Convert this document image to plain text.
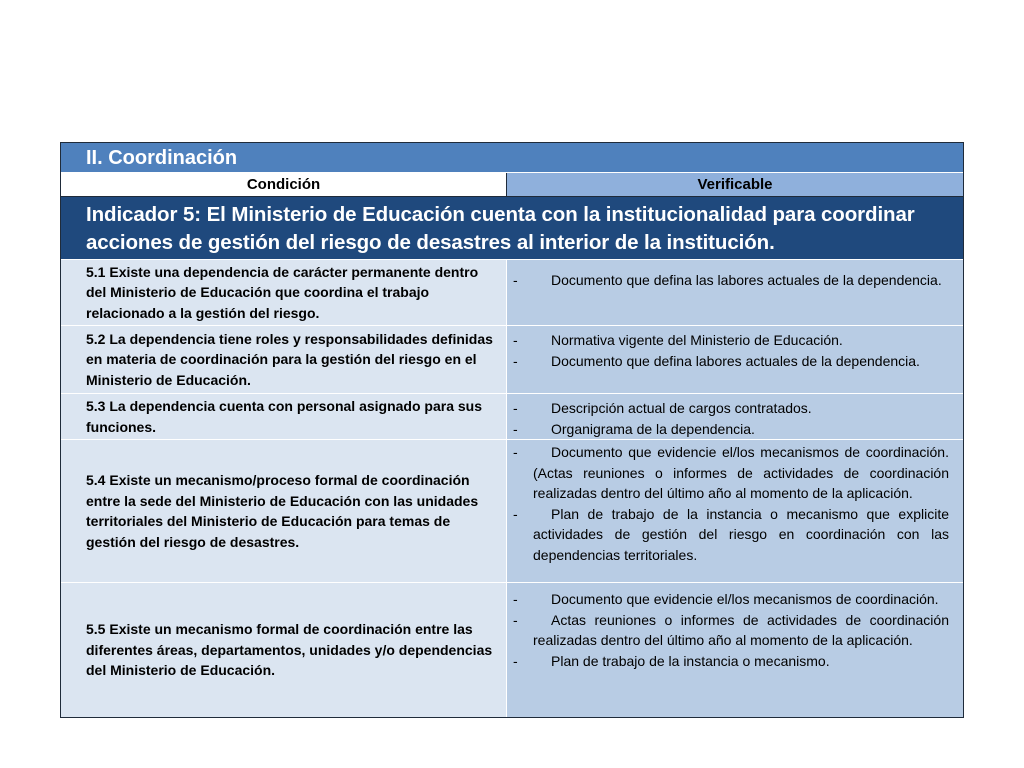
II. Coordinación
Condición	Verificable
Indicador 5: El Ministerio de Educación cuenta con la institucionalidad para coordinar acciones de gestión del riesgo de desastres al interior de la institución.
5.1 Existe una dependencia de carácter permanente dentro del Ministerio de Educación que coordina el trabajo relacionado a la gestión del riesgo.
-	Documento que defina las labores actuales de la dependencia.
5.2 La dependencia tiene roles y responsabilidades definidas en materia de coordinación para la gestión del riesgo en el Ministerio de Educación.
-	Normativa vigente del Ministerio de Educación.
-	Documento que defina labores actuales de la dependencia.
5.3 La dependencia cuenta con personal asignado para sus funciones.
-	Descripción actual de cargos contratados.
-	Organigrama de la dependencia.
5.4 Existe un mecanismo/proceso formal de coordinación entre la sede del Ministerio de Educación con las unidades territoriales del Ministerio de Educación para temas de gestión del riesgo de desastres.
-	Documento que evidencie el/los mecanismos de coordinación. (Actas reuniones o informes de actividades de coordinación realizadas dentro del último año al momento de la aplicación.
-	Plan de trabajo de la instancia o mecanismo que explicite actividades de gestión del riesgo en coordinación con las dependencias territoriales.
5.5 Existe un mecanismo formal de coordinación entre las diferentes áreas, departamentos, unidades y/o dependencias del Ministerio de Educación.
-	Documento que evidencie el/los mecanismos de coordinación.
-	Actas reuniones o informes de actividades de coordinación realizadas dentro del último año al momento de la aplicación.
-	Plan de trabajo de la instancia o mecanismo.
